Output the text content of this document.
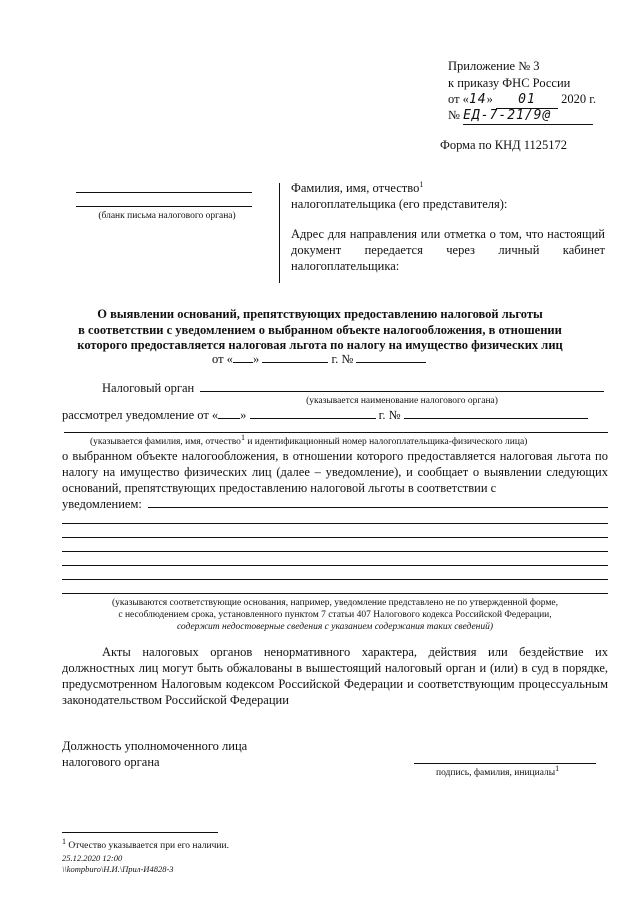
Приложение № 3
к приказу ФНС России
от «14» 01 2020 г.
№ ЕД-7-21/9@
Форма по КНД 1125172
(бланк письма налогового органа)
Фамилия, имя, отчество$^1$
налогоплательщика (его представителя):
Адрес для направления или отметка о том, что настоящий документ передается через личный кабинет налогоплательщика:
О выявлении оснований, препятствующих предоставлению налоговой льготы
в соответствии с уведомлением о выбранном объекте налогообложения, в отношении
которого предоставляется налоговая льгота по налогу на имущество физических лиц
от « »	г. №
Налоговый орган
(указывается наименование налогового органа)
рассмотрел уведомление от « »	г. №
(указывается фамилия, имя, отчество$^1$ и идентификационный номер налогоплательщика-физического лица)
о выбранном объекте налогообложения, в отношении которого предоставляется налоговая льгота по налогу на имущество физических лиц (далее – уведомление), и сообщает о выявлении следующих оснований, препятствующих предоставлению налоговой льготы в соответствии с
уведомлением:
(указываются соответствующие основания, например, уведомление представлено не по утвержденной форме,
с несоблюдением срока, установленного пунктом 7 статьи 407 Налогового кодекса Российской Федерации,
содержит недостоверные сведения с указанием содержания таких сведений)
Акты налоговых органов ненормативного характера, действия или бездействие их должностных лиц могут быть обжалованы в вышестоящий налоговый орган и (или) в суд в порядке, предусмотренном Налоговым кодексом Российской Федерации и соответствующим процессуальным законодательством Российской Федерации
Должность уполномоченного лица
налогового органа
подпись, фамилия, инициалы$^1$
$^1$ Отчество указывается при его наличии.
25.12.2020 12:00
\\kompburo\Н.И.\Прил-И4828-3
